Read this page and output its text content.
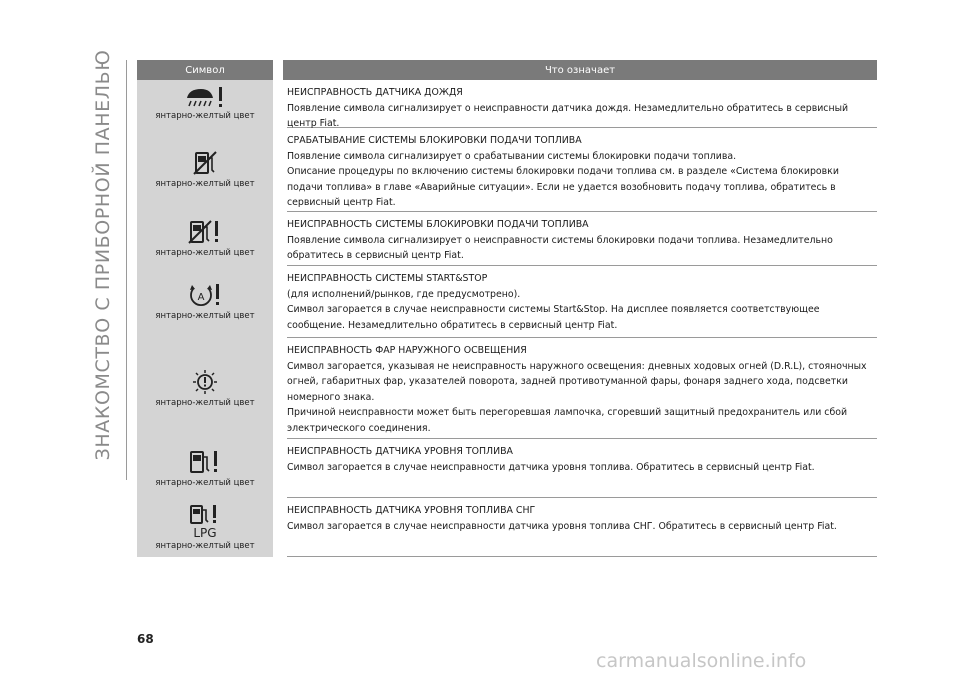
ЗНАКОМСТВО С ПРИБОРНОЙ ПАНЕЛЬЮ	Символ	Что означает
янтарно-желтый цвет

НЕИСПРАВНОСТЬ ДАТЧИКА ДОЖДЯ

Появление символа сигнализирует о неисправности датчика дождя. Незамедлительно обратитесь в сервисный центр Fiat.

янтарно-желтый цвет

СРАБАТЫВАНИЕ СИСТЕМЫ БЛОКИРОВКИ ПОДАЧИ ТОПЛИВА

Появление символа сигнализирует о срабатывании системы блокировки подачи топлива.

Описание процедуры по включению системы блокировки подачи топлива см. в разделе «Система блокировки подачи топлива» в главе «Аварийные ситуации». Если не удается возобновить подачу топлива, обратитесь в сервисный центр Fiat.

янтарно-желтый цвет

НЕИСПРАВНОСТЬ СИСТЕМЫ БЛОКИРОВКИ ПОДАЧИ ТОПЛИВА

Появление символа сигнализирует о неисправности системы блокировки подачи топлива. Незамедлительно обратитесь в сервисный центр Fiat.

A
янтарно-желтый цвет

НЕИСПРАВНОСТЬ СИСТЕМЫ START&STOP

(для исполнений/рынков, где предусмотрено).

Символ загорается в случае неисправности системы Start&Stop. На дисплее появляется соответствующее сообщение. Незамедлительно обратитесь в сервисный центр Fiat.

янтарно-желтый цвет

НЕИСПРАВНОСТЬ ФАР НАРУЖНОГО ОСВЕЩЕНИЯ

Символ загорается, указывая не неисправность наружного освещения: дневных ходовых огней (D.R.L), стояночных огней, габаритных фар, указателей поворота, задней противотуманной фары, фонаря заднего хода, подсветки номерного знака.

Причиной неисправности может быть перегоревшая лампочка, сгоревший защитный предохранитель или сбой электрического соединения.

янтарно-желтый цвет

НЕИСПРАВНОСТЬ ДАТЧИКА УРОВНЯ ТОПЛИВА

Символ загорается в случае неисправности датчика уровня топлива. Обратитесь в сервисный центр Fiat.

LPG
янтарно-желтый цвет

НЕИСПРАВНОСТЬ ДАТЧИКА УРОВНЯ ТОПЛИВА СНГ

Символ загорается в случае неисправности датчика уровня топлива СНГ. Обратитесь в сервисный центр Fiat.

68
carmanualsonline.info
